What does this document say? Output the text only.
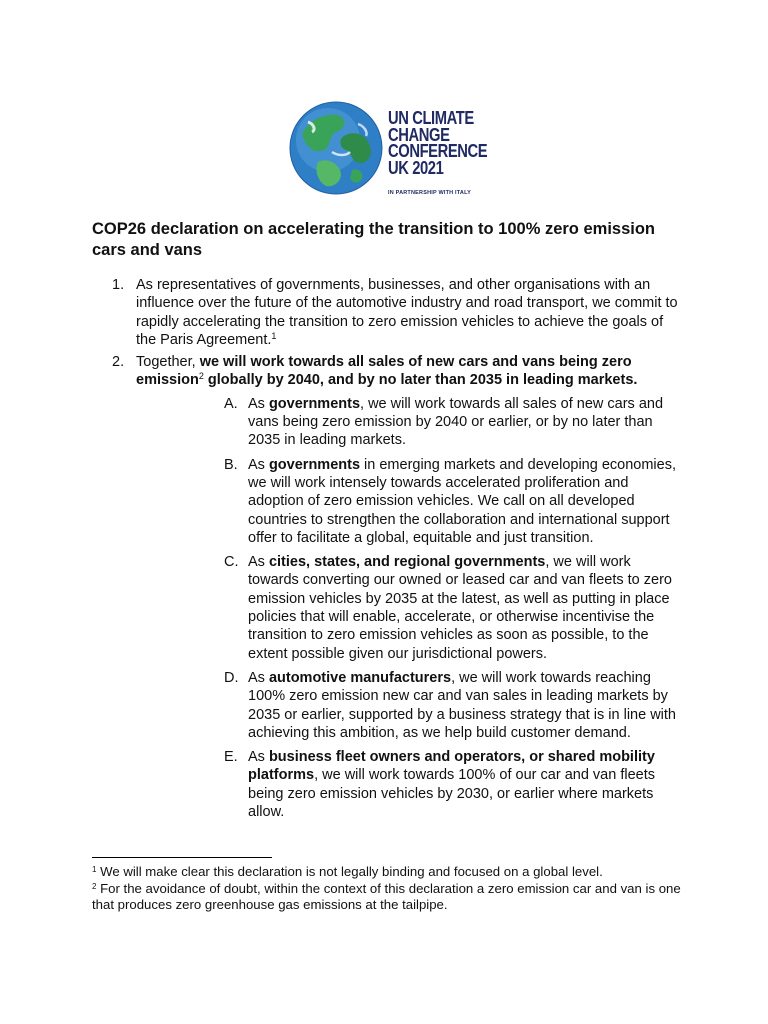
UN CLIMATE
CHANGE
CONFERENCE
UK 2021
IN PARTNERSHIP WITH ITALY
COP26 declaration on accelerating the transition to 100% zero emission cars and vans
1. As representatives of governments, businesses, and other organisations with an influence over the future of the automotive industry and road transport, we commit to rapidly accelerating the transition to zero emission vehicles to achieve the goals of the Paris Agreement.$^1$
2. Together, we will work towards all sales of new cars and vans being zero emission$^2$ globally by 2040, and by no later than 2035 in leading markets.
A. As governments, we will work towards all sales of new cars and vans being zero emission by 2040 or earlier, or by no later than 2035 in leading markets.
B. As governments in emerging markets and developing economies, we will work intensely towards accelerated proliferation and adoption of zero emission vehicles. We call on all developed countries to strengthen the collaboration and international support offer to facilitate a global, equitable and just transition.
C. As cities, states, and regional governments, we will work towards converting our owned or leased car and van fleets to zero emission vehicles by 2035 at the latest, as well as putting in place policies that will enable, accelerate, or otherwise incentivise the transition to zero emission vehicles as soon as possible, to the extent possible given our jurisdictional powers.
D. As automotive manufacturers, we will work towards reaching 100% zero emission new car and van sales in leading markets by 2035 or earlier, supported by a business strategy that is in line with achieving this ambition, as we help build customer demand.
E. As business fleet owners and operators, or shared mobility platforms, we will work towards 100% of our car and van fleets being zero emission vehicles by 2030, or earlier where markets allow.
$^1$ We will make clear this declaration is not legally binding and focused on a global level.
$^2$ For the avoidance of doubt, within the context of this declaration a zero emission car and van is one that produces zero greenhouse gas emissions at the tailpipe.
